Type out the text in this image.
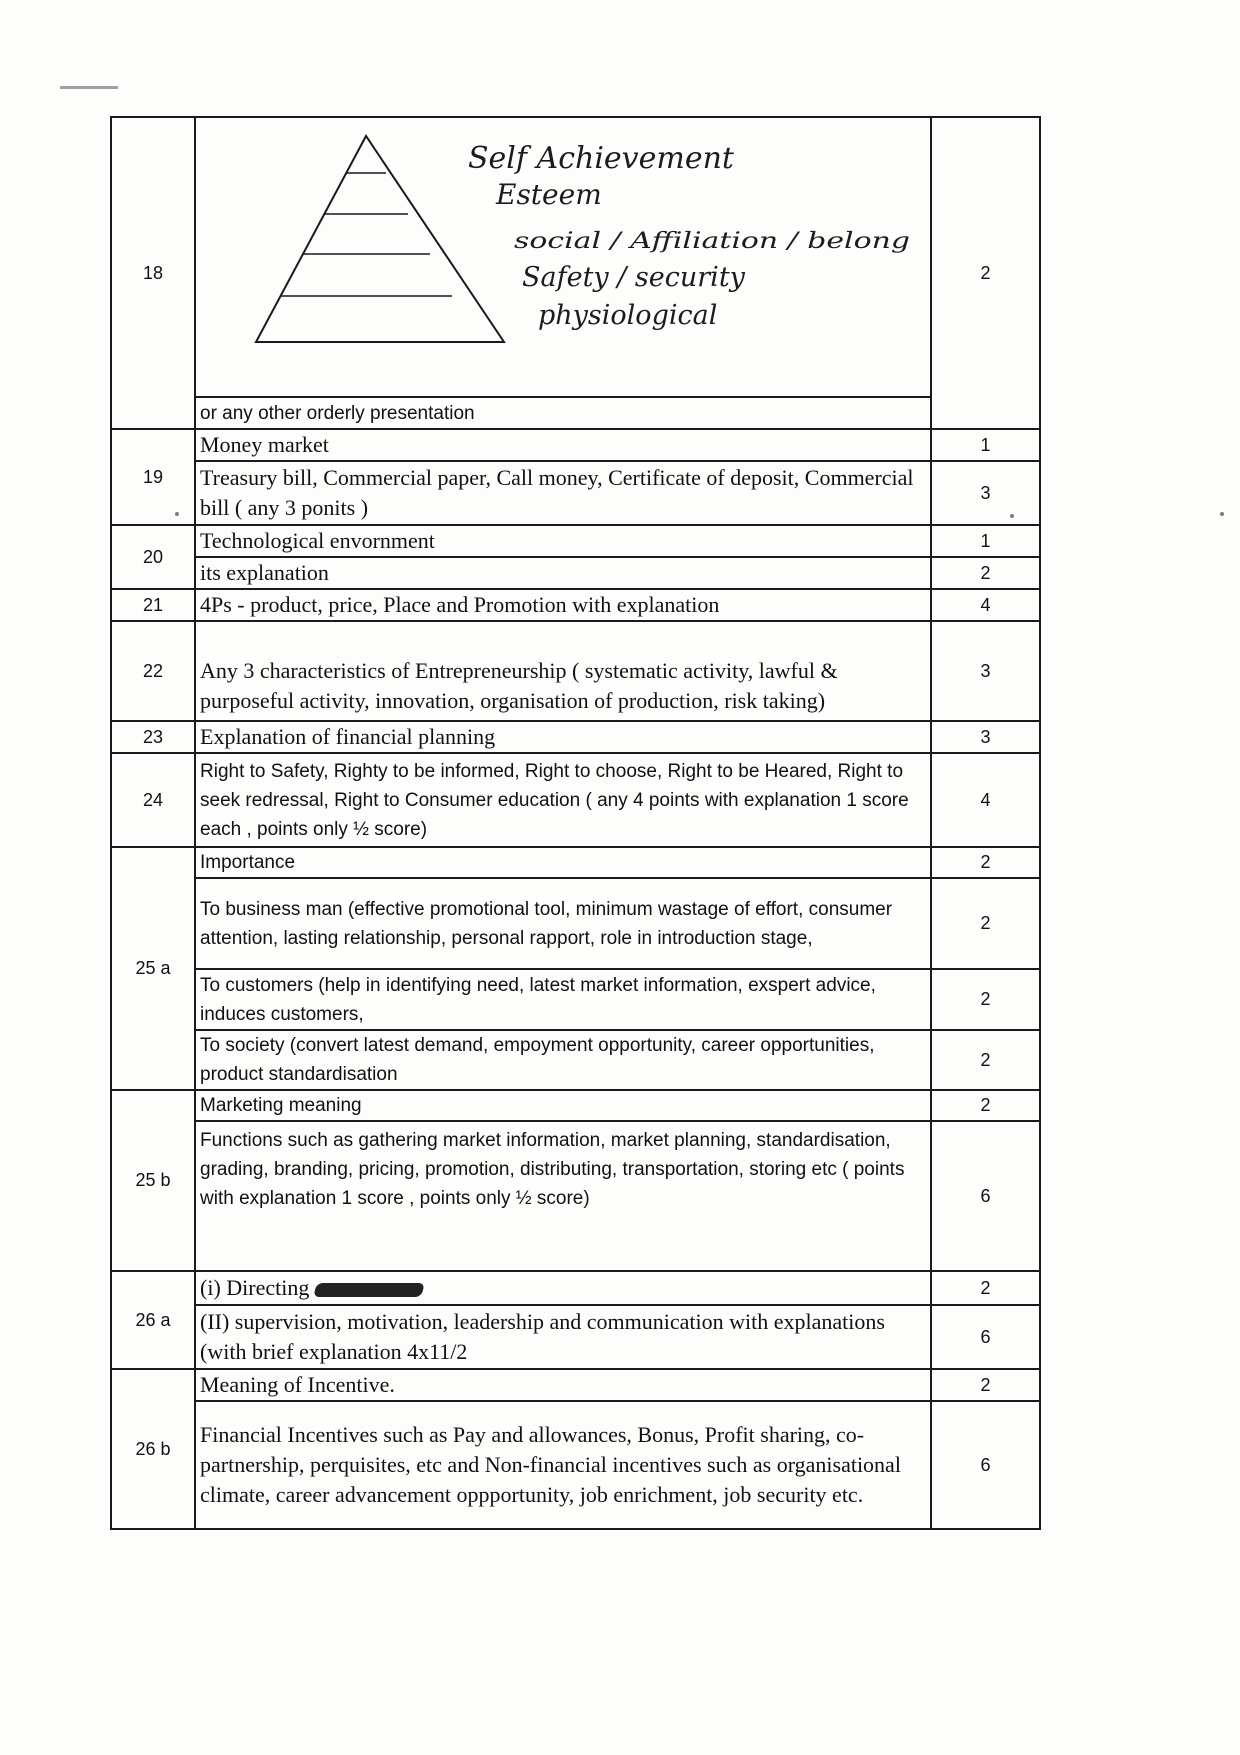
18	Self Achievement
Esteem
social / Affiliation / belong
Safety / security
physiological	2
	or any other orderly presentation	
19	Money market	1
	Treasury bill, Commercial paper, Call money, Certificate of deposit, Commercial bill ( any 3 ponits )	3
20	Technological envornment	1
	its explanation	2
21	4Ps - product, price, Place and Promotion with explanation	4
22	Any 3 characteristics of Entrepreneurship ( systematic activity, lawful & purposeful activity, innovation, organisation of production, risk taking)	3
23	Explanation of financial planning	3
24	Right to Safety, Righty to be informed, Right to choose, Right to be Heared, Right to seek redressal, Right to Consumer education ( any 4 points with explanation 1 score each , points only ½ score)	4
25 a	Importance	2
	To business man (effective promotional tool, minimum wastage of effort, consumer attention, lasting relationship, personal rapport, role in introduction stage,	2
	To customers (help in identifying need, latest market information, exspert advice, induces customers,	2
	To society (convert latest demand, empoyment opportunity, career opportunities, product standardisation	2
25 b	Marketing meaning	2
	Functions such as gathering market information, market planning, standardisation, grading, branding, pricing, promotion, distributing, transportation, storing etc ( points with explanation 1 score , points only ½ score)	6
26 a	(i) Directing	2
	(II) supervision, motivation, leadership and communication with explanations (with brief explanation 4x11/2	6
26 b	Meaning of Incentive.	2
	Financial Incentives such as Pay and allowances, Bonus, Profit sharing, co-partnership, perquisites, etc and Non-financial incentives such as organisational climate, career advancement oppportunity, job enrichment, job security etc.	6
